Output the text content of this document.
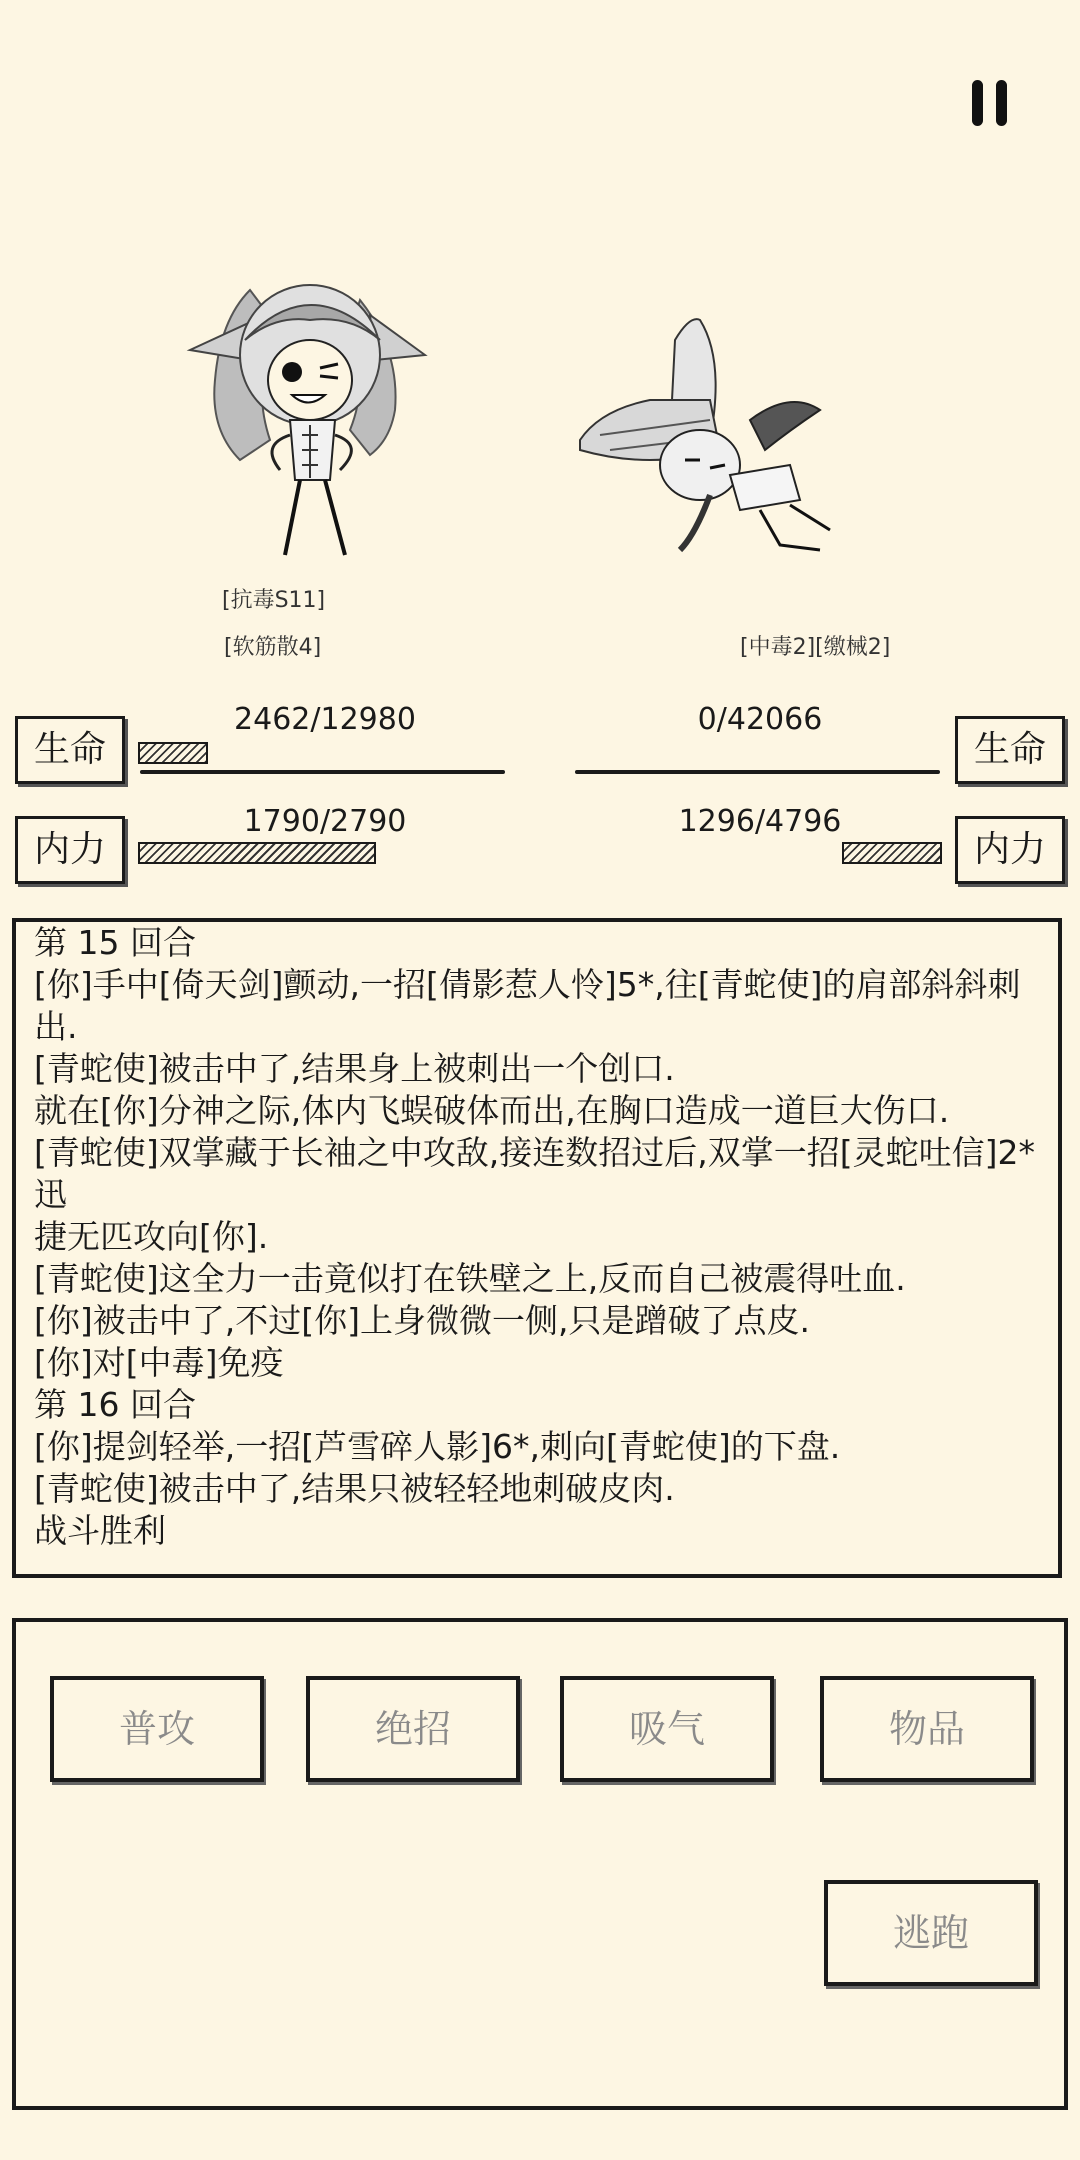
[抗毒S11]
[软筋散4]	[中毒2][缴械2]
生命
2462/12980
内力
1790/2790
生命
0/42066
内力
1296/4796
第 15 回合
[你]手中[倚天剑]颤动,一招[倩影惹人怜]5*,往[青蛇使]的肩部斜斜刺出.
[青蛇使]被击中了,结果身上被刺出一个创口.
就在[你]分神之际,体内飞蜈破体而出,在胸口造成一道巨大伤口.
[青蛇使]双掌藏于长袖之中攻敌,接连数招过后,双掌一招[灵蛇吐信]2*迅
捷无匹攻向[你].
[青蛇使]这全力一击竟似打在铁壁之上,反而自己被震得吐血.
[你]被击中了,不过[你]上身微微一侧,只是蹭破了点皮.
[你]对[中毒]免疫
第 16 回合
[你]提剑轻举,一招[芦雪碎人影]6*,刺向[青蛇使]的下盘.
[青蛇使]被击中了,结果只被轻轻地刺破皮肉.
战斗胜利
普攻	绝招	吸气	物品
逃跑
